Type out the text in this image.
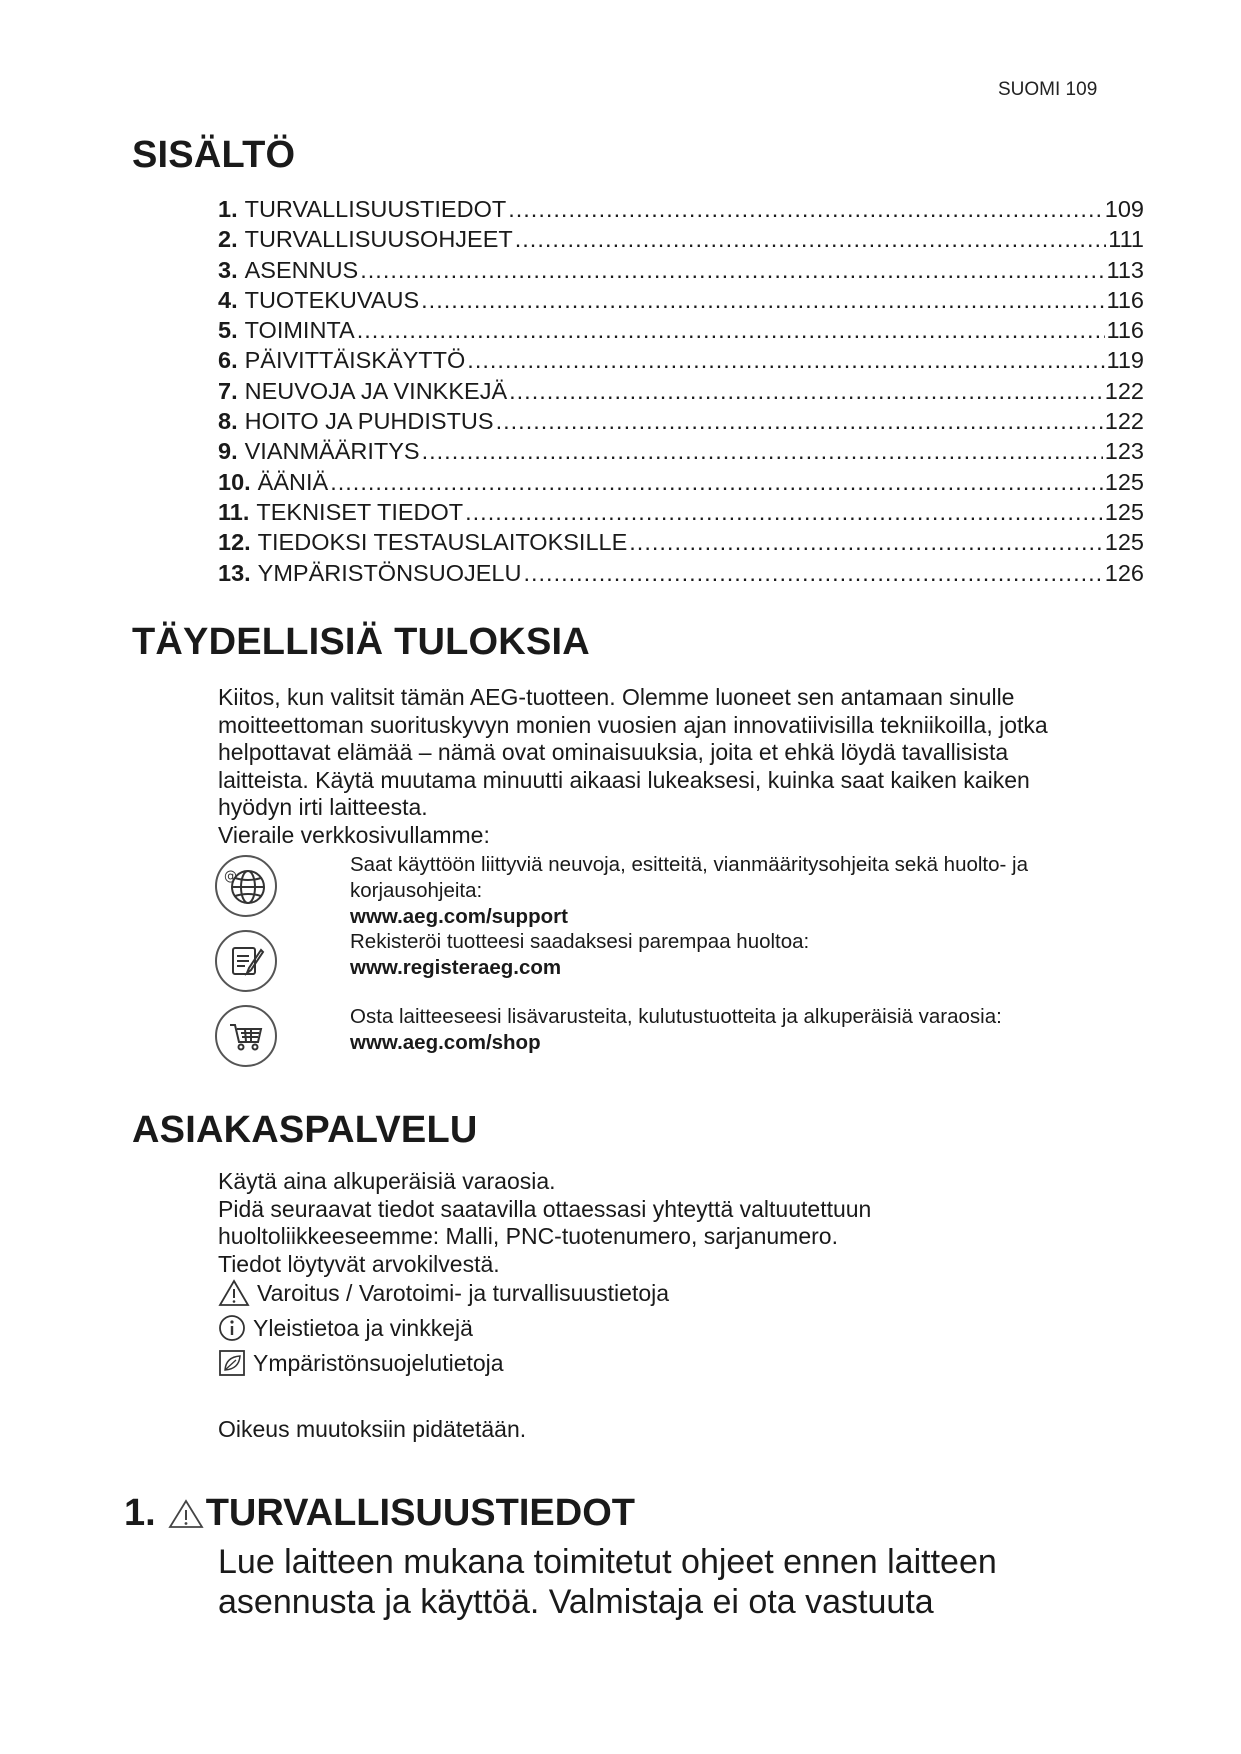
SUOMI 109
SISÄLTÖ
1. TURVALLISUUSTIEDOT .....	109
2. TURVALLISUUSOHJEET .....	111
3. ASENNUS .....	113
4. TUOTEKUVAUS .....	116
5. TOIMINTA .....	116
6. PÄIVITTÄISKÄYTTÖ .....	119
7. NEUVOJA JA VINKKEJÄ .....	122
8. HOITO JA PUHDISTUS .....	122
9. VIANMÄÄRITYS .....	123
10. ÄÄNIÄ .....	125
11. TEKNISET TIEDOT .....	125
12. TIEDOKSI TESTAUSLAITOKSILLE .....	125
13. YMPÄRISTÖNSUOJELU .....	126
TÄYDELLISIÄ TULOKSIA
Kiitos, kun valitsit tämän AEG-tuotteen. Olemme luoneet sen antamaan sinulle
moitteettoman suorituskyvyn monien vuosien ajan innovatiivisilla tekniikoilla, jotka
helpottavat elämää – nämä ovat ominaisuuksia, joita et ehkä löydä tavallisista
laitteista. Käytä muutama minuutti aikaasi lukeaksesi, kuinka saat kaiken kaiken
hyödyn irti laitteesta.
Vieraile verkkosivullamme:
@
Saat käyttöön liittyviä neuvoja, esitteitä, vianmääritysohjeita sekä huolto- ja
korjausohjeita:
www.aeg.com/support
Rekisteröi tuotteesi saadaksesi parempaa huoltoa:
www.registeraeg.com
Osta laitteeseesi lisävarusteita, kulutustuotteita ja alkuperäisiä varaosia:
www.aeg.com/shop
ASIAKASPALVELU
Käytä aina alkuperäisiä varaosia.
Pidä seuraavat tiedot saatavilla ottaessasi yhteyttä valtuutettuun
huoltoliikkeeseemme: Malli, PNC-tuotenumero, sarjanumero.
Tiedot löytyvät arvokilvestä.
Varoitus / Varotoimi- ja turvallisuustietoja
Yleistietoa ja vinkkejä
Ympäristönsuojelutietoja
Oikeus muutoksiin pidätetään.
1. TURVALLISUUSTIEDOT
Lue laitteen mukana toimitetut ohjeet ennen laitteen
asennusta ja käyttöä. Valmistaja ei ota vastuuta
